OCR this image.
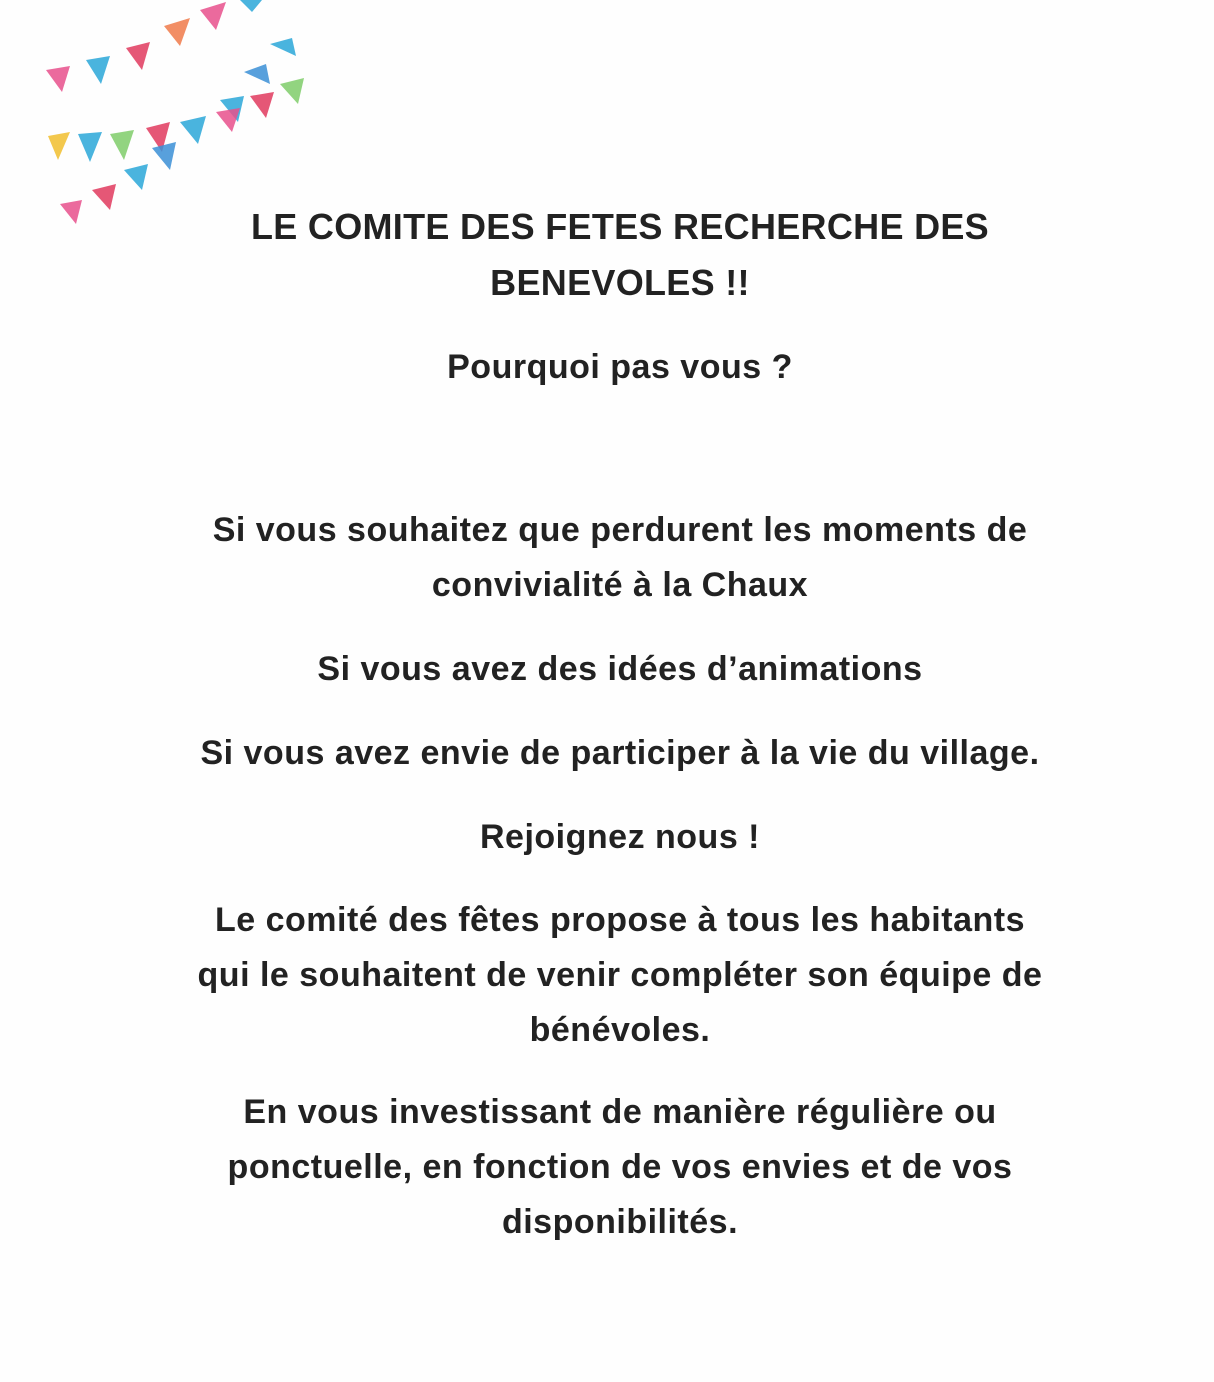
LE COMITE DES FETES RECHERCHE DES

BENEVOLES !!

Pourquoi pas vous ?

Si vous souhaitez que perdurent les moments de

convivialité à la Chaux

Si vous avez des idées d’animations

Si vous avez envie de participer à la vie du village.

Rejoignez nous !

Le comité des fêtes propose à tous les habitants

qui le souhaitent de venir compléter son équipe de

bénévoles.

En vous investissant de manière régulière ou

ponctuelle, en fonction de vos envies et de vos

disponibilités.
